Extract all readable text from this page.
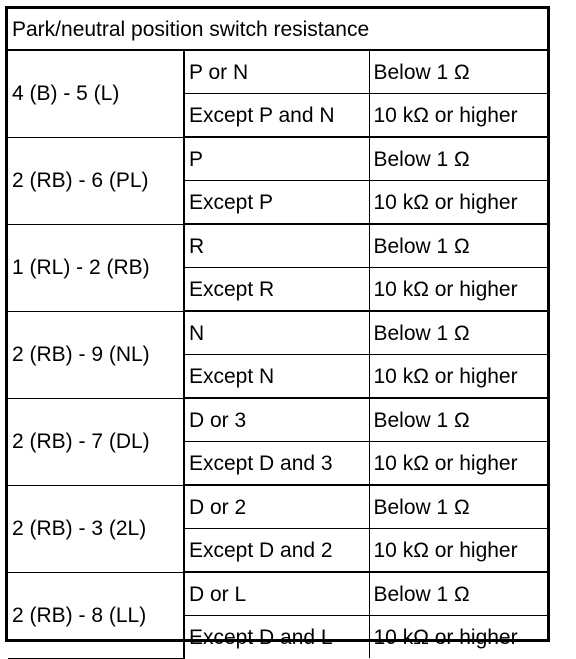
Park/neutral position switch resistance		
4 (B) - 5 (L)	P or N	Below 1 Ω
	Except P and N	10 kΩ or higher
2 (RB) - 6 (PL)	P	Below 1 Ω
	Except P	10 kΩ or higher
1 (RL) - 2 (RB)	R	Below 1 Ω
	Except R	10 kΩ or higher
2 (RB) - 9 (NL)	N	Below 1 Ω
	Except N	10 kΩ or higher
2 (RB) - 7 (DL)	D or 3	Below 1 Ω
	Except D and 3	10 kΩ or higher
2 (RB) - 3 (2L)	D or 2	Below 1 Ω
	Except D and 2	10 kΩ or higher
2 (RB) - 8 (LL)	D or L	Below 1 Ω
	Except D and L	10 kΩ or higher
